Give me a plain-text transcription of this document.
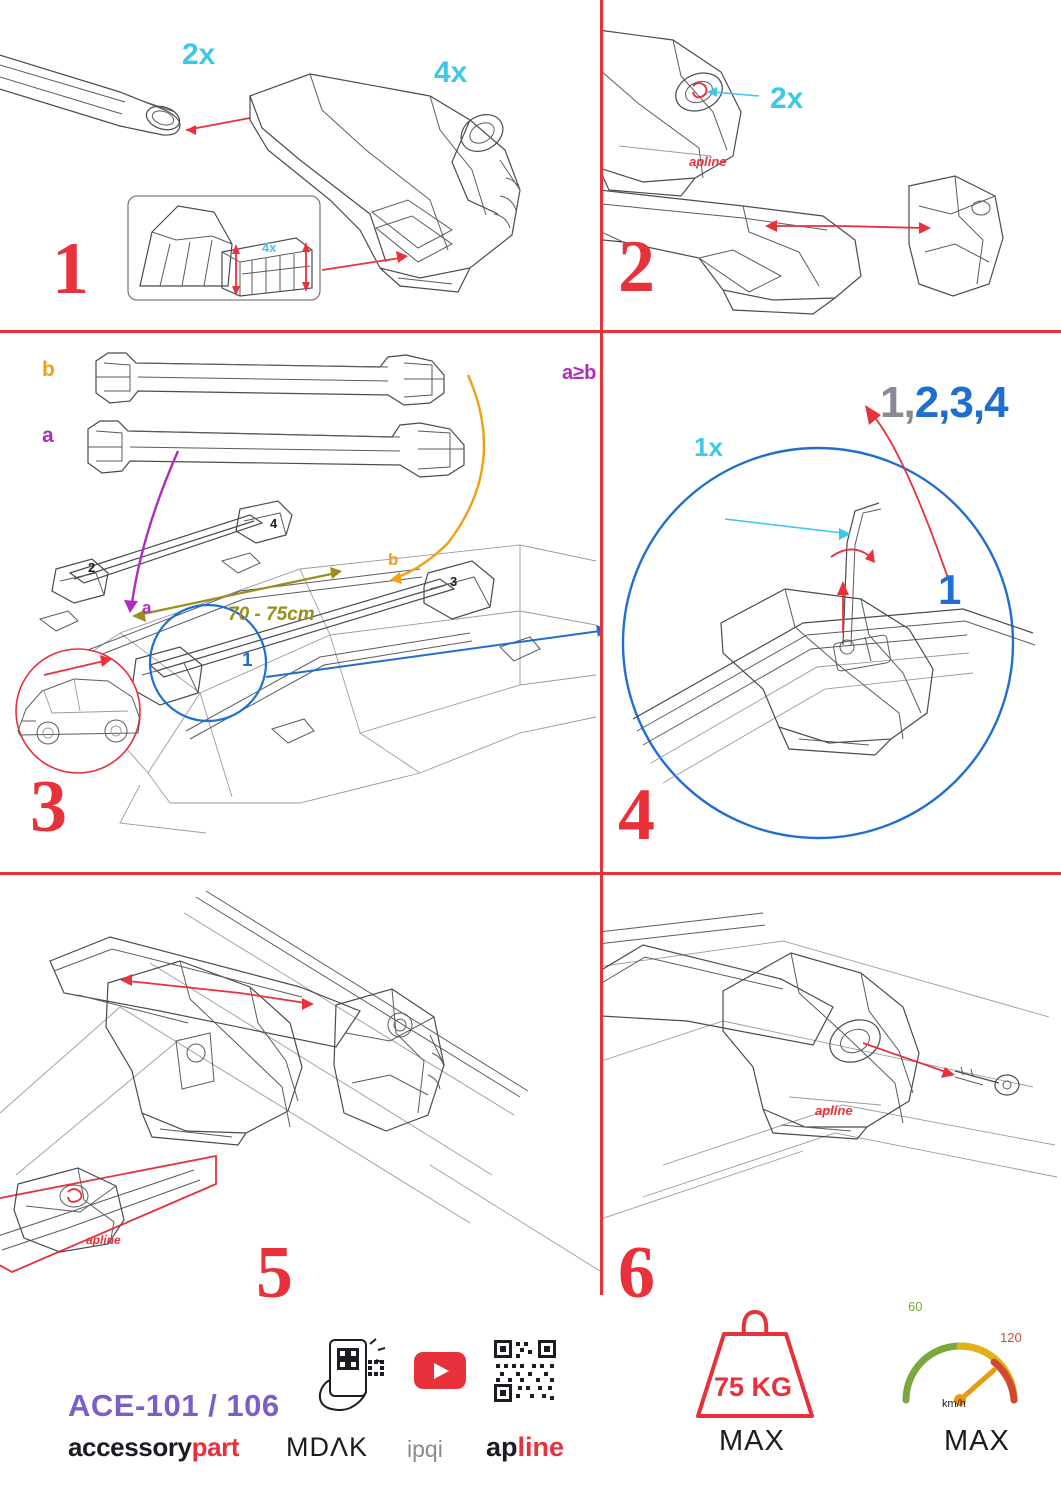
2x
4x
4x
1
apline
2x
2
b
a
a
b
70 - 75cm
1
2
3
4
3
a≥b
1x
1,2,3,4
1
4
apline 5
apline
6
ACE-101 / 106
accessorypart MDΛK ipqi apline
75 KG
MAX
60
120
km/h
MAX
